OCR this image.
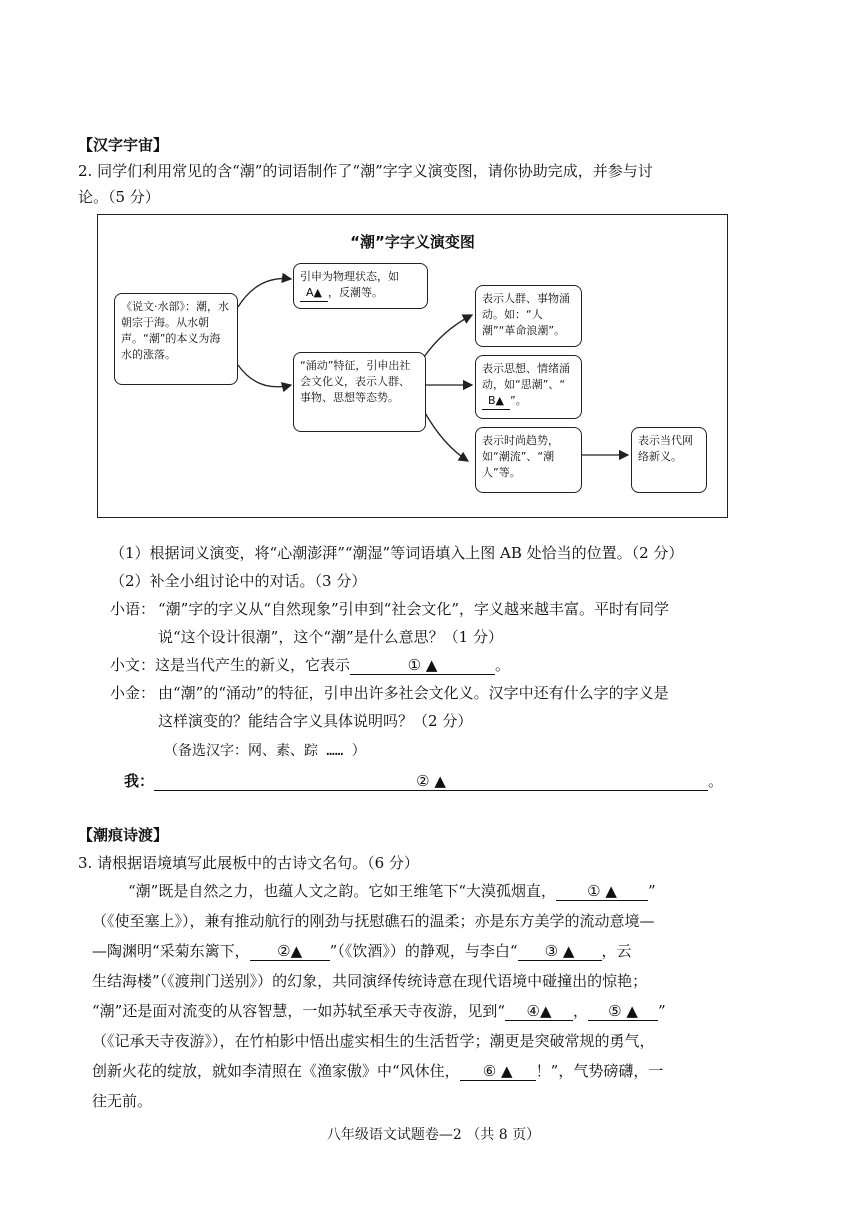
【汉字宇宙】
2. 同学们利用常见的含“潮”的词语制作了“潮”字字义演变图，请你协助完成，并参与讨
论。（5 分）
“潮”字字义演变图
《说文·水部》：潮，水朝宗于海。从水朝声。“潮”的本义为海水的涨落。
引申为物理状态，如
A▲ ，反潮等。
“涌动”特征，引申出社会文化义，表示人群、事物、思想等态势。
表示人群、事物涌动。如：“人潮”“革命浪潮”。
表示思想、情绪涌动，如“思潮”、“B▲ ”。
表示时尚趋势，如“潮流”、“潮人”等。
表示当代网络新义。
（1）根据词义演变，将“心潮澎湃”“潮湿”等词语填入上图 AB 处恰当的位置。（2 分）
（2）补全小组讨论中的对话。（3 分）
小语： “潮”字的字义从“自然现象”引申到“社会文化”，字义越来越丰富。平时有同学
说“这个设计很潮”，这个“潮”是什么意思？（1 分）
小文：这是当代产生的新义，它表示	① ▲	。
小金： 由“潮”的“涌动”的特征，引申出许多社会文化义。汉字中还有什么字的字义是
这样演变的？能结合字义具体说明吗？（2 分）
（备选汉字：网、素、踪 …… ）
我：	② ▲	。
【潮痕诗渡】
3. 请根据语境填写此展板中的古诗文名句。（6 分）
“潮”既是自然之力，也蕴人文之韵。它如王维笔下“大漠孤烟直， ① ▲ ”
（《使至塞上》），兼有推动航行的刚劲与抚慰礁石的温柔；亦是东方美学的流动意境—
—陶渊明“采菊东篱下， ②▲ ”（《饮酒》）的静观，与李白“ ③ ▲ ，云
生结海楼”（《渡荆门送别》）的幻象，共同演绎传统诗意在现代语境中碰撞出的惊艳；
“潮”还是面对流变的从容智慧，一如苏轼至承天寺夜游，见到“ ④▲ ， ⑤ ▲ ”
（《记承天寺夜游》），在竹柏影中悟出虚实相生的生活哲学；潮更是突破常规的勇气，
创新火花的绽放，就如李清照在《渔家傲》中“风休住， ⑥ ▲ ！”，气势磅礴，一
往无前。
八年级语文试题卷—2 （共 8 页）
